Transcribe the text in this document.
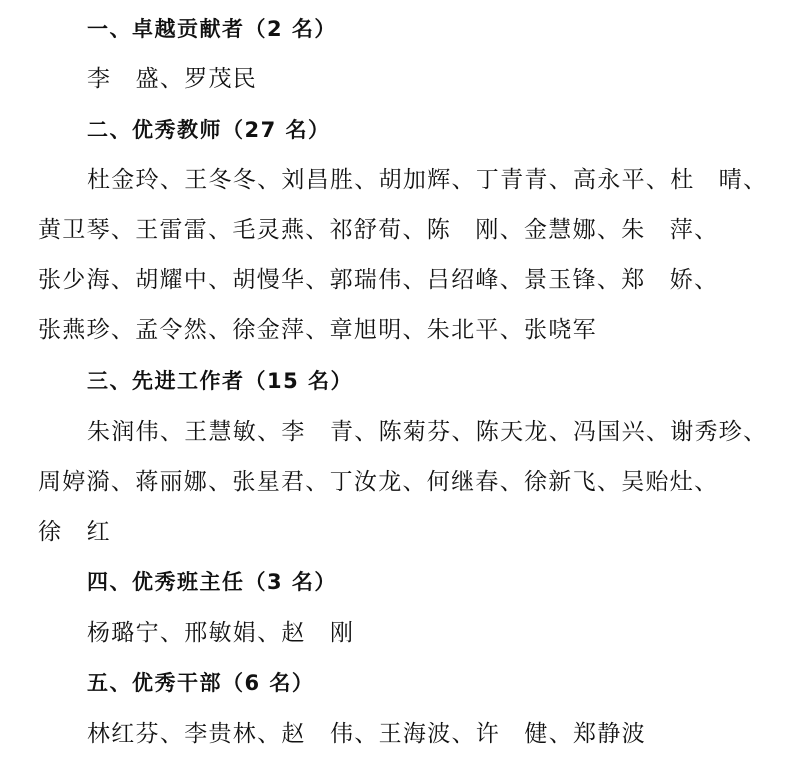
一、卓越贡献者（2 名）
李　盛、罗茂民
二、优秀教师（27 名）
杜金玲、王冬冬、刘昌胜、胡加辉、丁青青、高永平、杜　晴、
黄卫琴、王雷雷、毛灵燕、祁舒荀、陈　刚、金慧娜、朱　萍、
张少海、胡耀中、胡慢华、郭瑞伟、吕绍峰、景玉锋、郑　娇、
张燕珍、孟令然、徐金萍、章旭明、朱北平、张哓军
三、先进工作者（15 名）
朱润伟、王慧敏、李　青、陈菊芬、陈天龙、冯国兴、谢秀珍、
周婷漪、蒋丽娜、张星君、丁汝龙、何继春、徐新飞、吴贻灶、
徐　红
四、优秀班主任（3 名）
杨璐宁、邢敏娟、赵　刚
五、优秀干部（6 名）
林红芬、李贵林、赵　伟、王海波、许　健、郑静波
